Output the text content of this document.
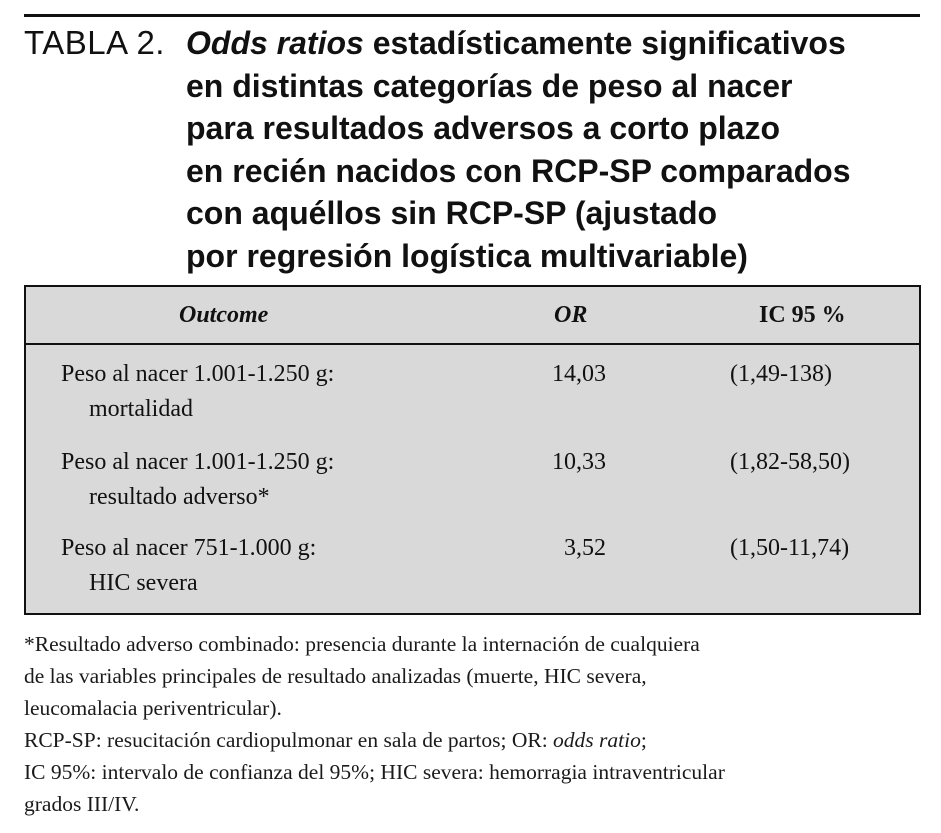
TABLA 2. Odds ratios estadísticamente significativos
en distintas categorías de peso al nacer
para resultados adversos a corto plazo
en recién nacidos con RCP-SP comparados
con aquéllos sin RCP-SP (ajustado
por regresión logística multivariable)
Outcome	OR	IC 95 %
Peso al nacer 1.001-1.250 g:
mortalidad
14,03	(1,49-138)
Peso al nacer 1.001-1.250 g:
resultado adverso*
10,33	(1,82-58,50)
Peso al nacer 751-1.000 g:
HIC severa
3,52	(1,50-11,74)
*Resultado adverso combinado: presencia durante la internación de cualquiera
de las variables principales de resultado analizadas (muerte, HIC severa,
leucomalacia periventricular).
RCP-SP: resucitación cardiopulmonar en sala de partos; OR: odds ratio;
IC 95%: intervalo de confianza del 95%; HIC severa: hemorragia intraventricular
grados III/IV.
